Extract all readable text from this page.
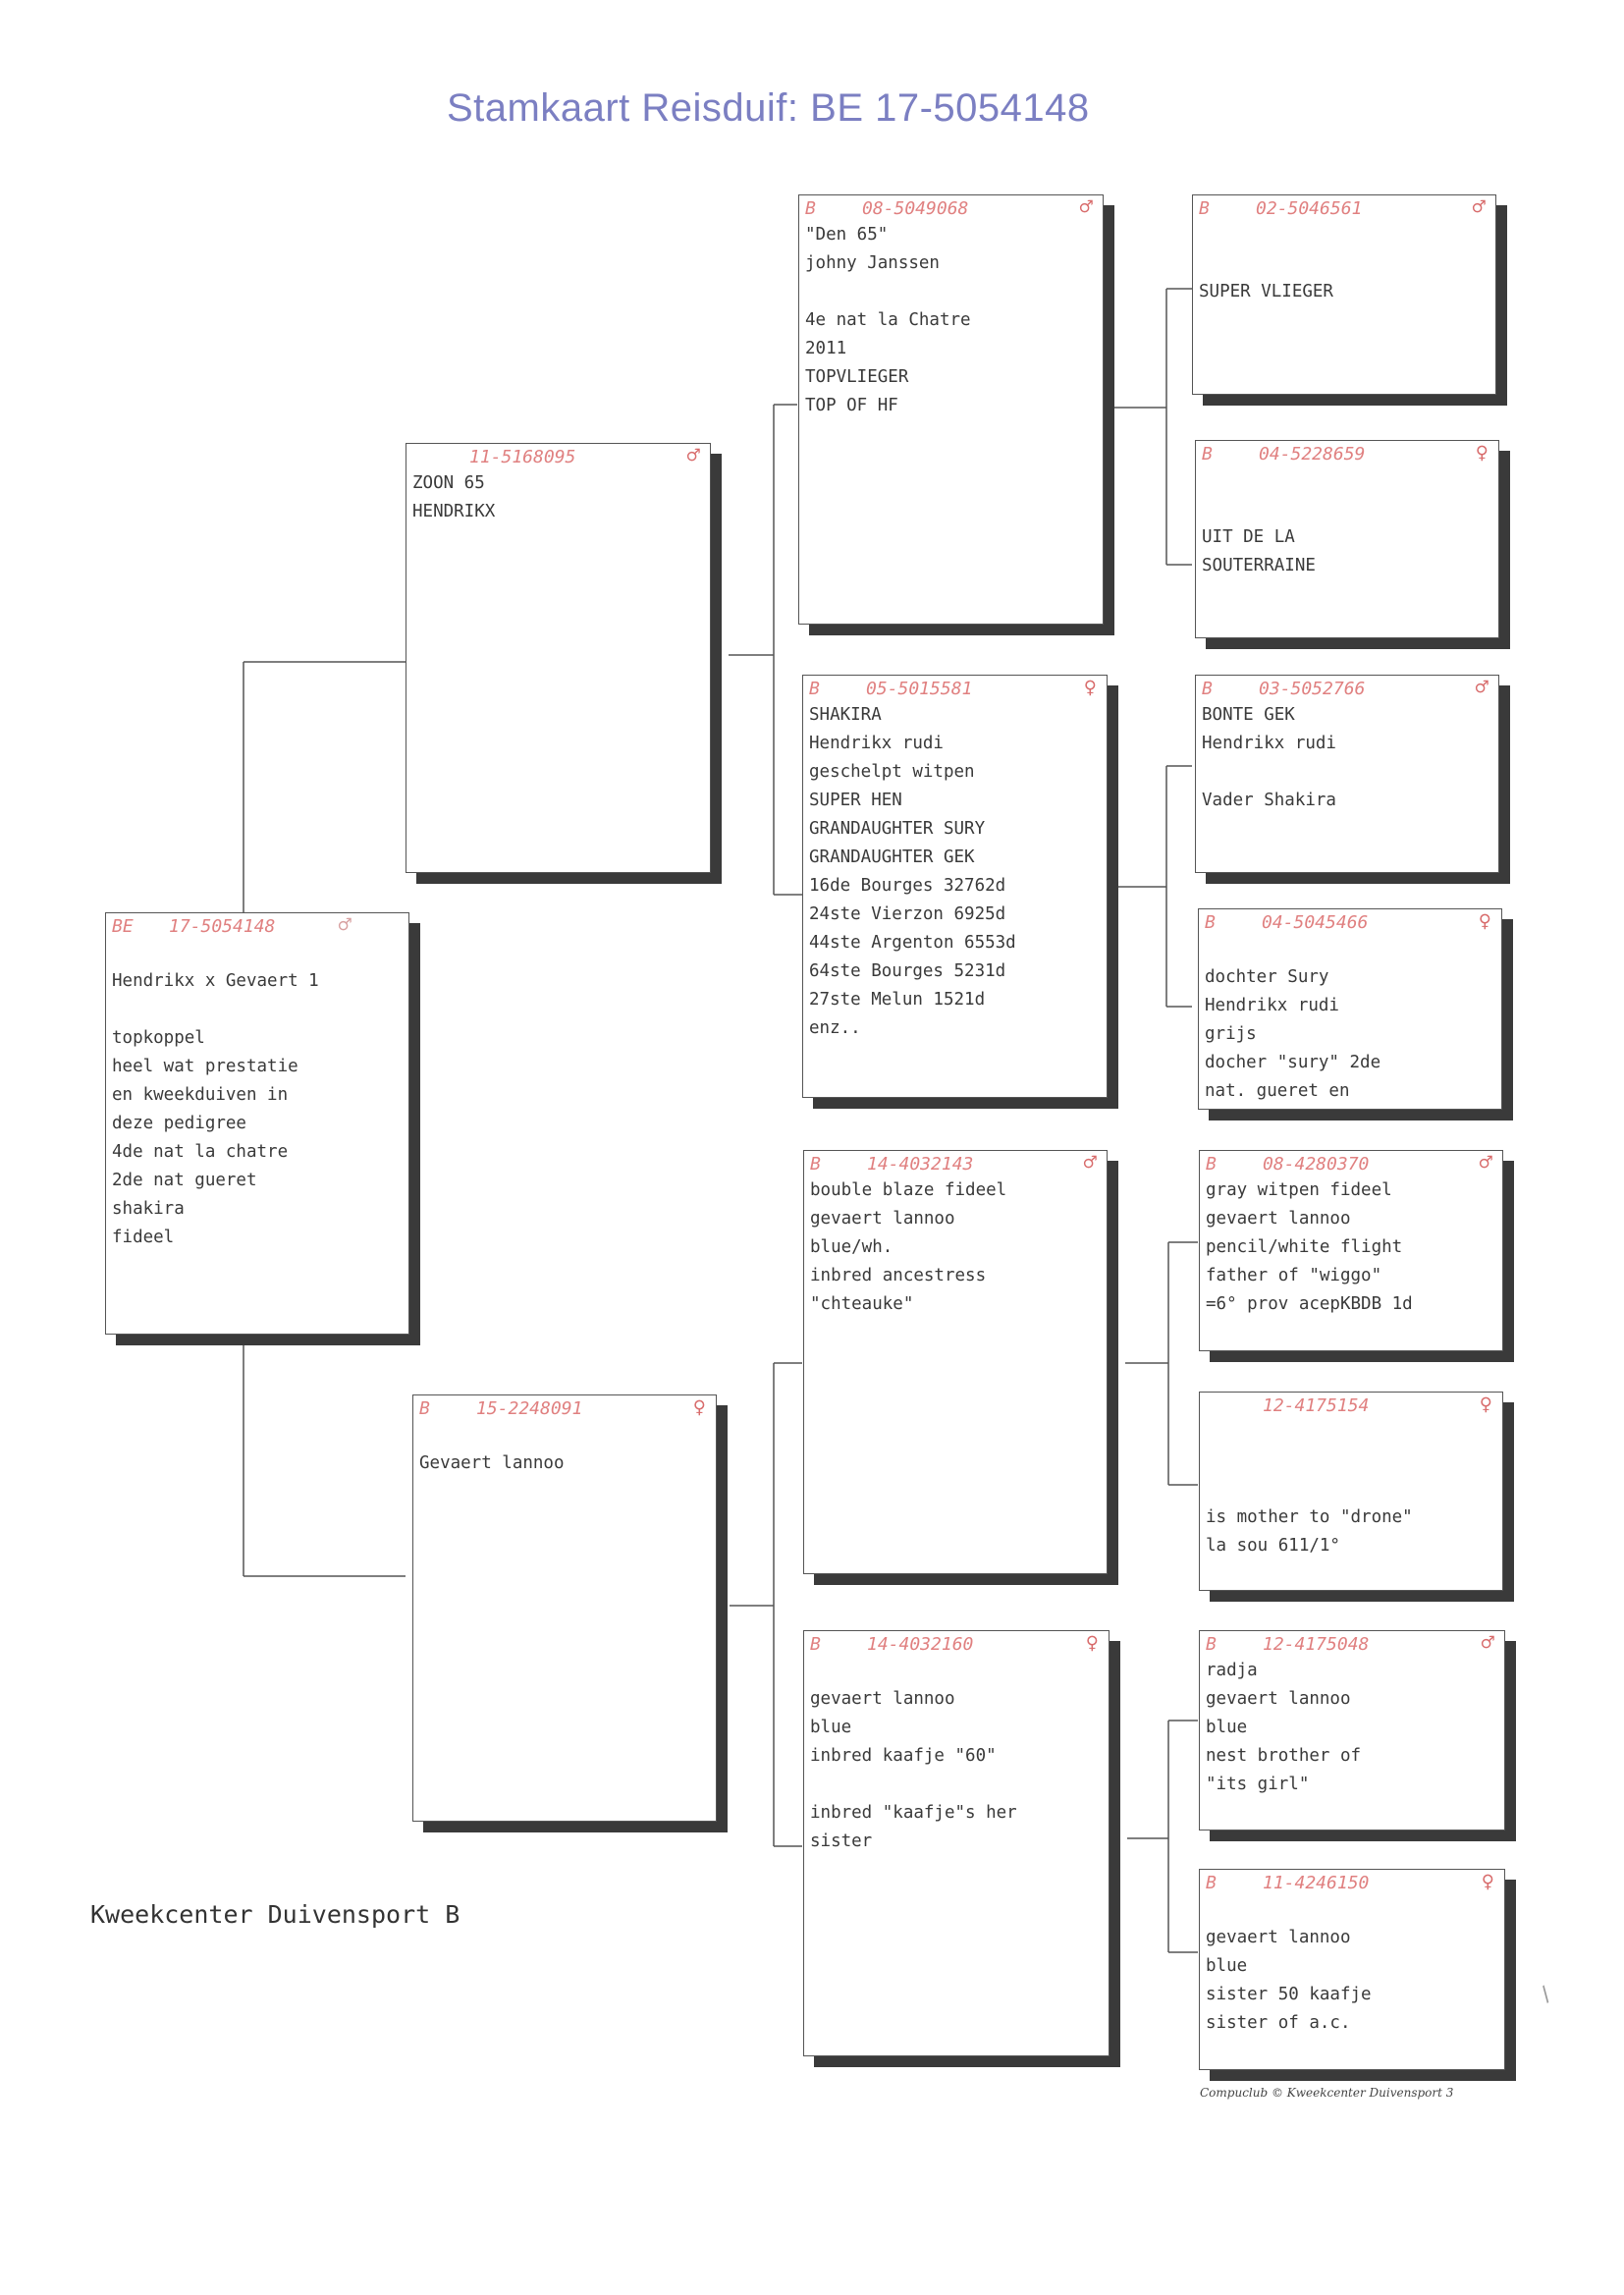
Stamkaart Reisduif: BE 17-5054148
BE 17-5054148	♂
Hendrikx x Gevaert 1
topkoppel
heel wat prestatie
en kweekduiven in
deze pedigree
4de nat la chatre
2de nat gueret
shakira
fideel
11-5168095	♂
ZOON 65
HENDRIKX
B	15-2248091	♀
Gevaert lannoo
B	08-5049068	♂
"Den 65"
johny Janssen
4e nat la Chatre
2011
TOPVLIEGER
TOP OF HF
B	05-5015581	♀
SHAKIRA
Hendrikx rudi
geschelpt witpen
SUPER HEN
GRANDAUGHTER SURY
GRANDAUGHTER GEK
16de Bourges 32762d
24ste Vierzon 6925d
44ste Argenton 6553d
64ste Bourges 5231d
27ste Melun 1521d
enz..
B	14-4032143	♂
bouble blaze fideel
gevaert lannoo
blue/wh.
inbred ancestress
"chteauke"
B	14-4032160	♀
gevaert lannoo
blue
inbred kaafje "60"
inbred "kaafje"s her
sister
B	02-5046561	♂
SUPER VLIEGER
B	04-5228659	♀
UIT DE LA
SOUTERRAINE
B	03-5052766	♂
BONTE GEK
Hendrikx rudi
Vader Shakira
B	04-5045466	♀
dochter Sury
Hendrikx rudi
grijs
docher "sury" 2de
nat. gueret en
B	08-4280370	♂
gray witpen fideel
gevaert lannoo
pencil/white flight
father of "wiggo"
=6° prov acepKBDB 1d
12-4175154	♀
is mother to "drone"
la sou 611/1°
B	12-4175048	♂
radja
gevaert lannoo
blue
nest brother of
"its girl"
B	11-4246150	♀
gevaert lannoo
blue
sister 50 kaafje
sister of a.c.
Kweekcenter Duivensport B
Compuclub © Kweekcenter Duivensport 3
/
